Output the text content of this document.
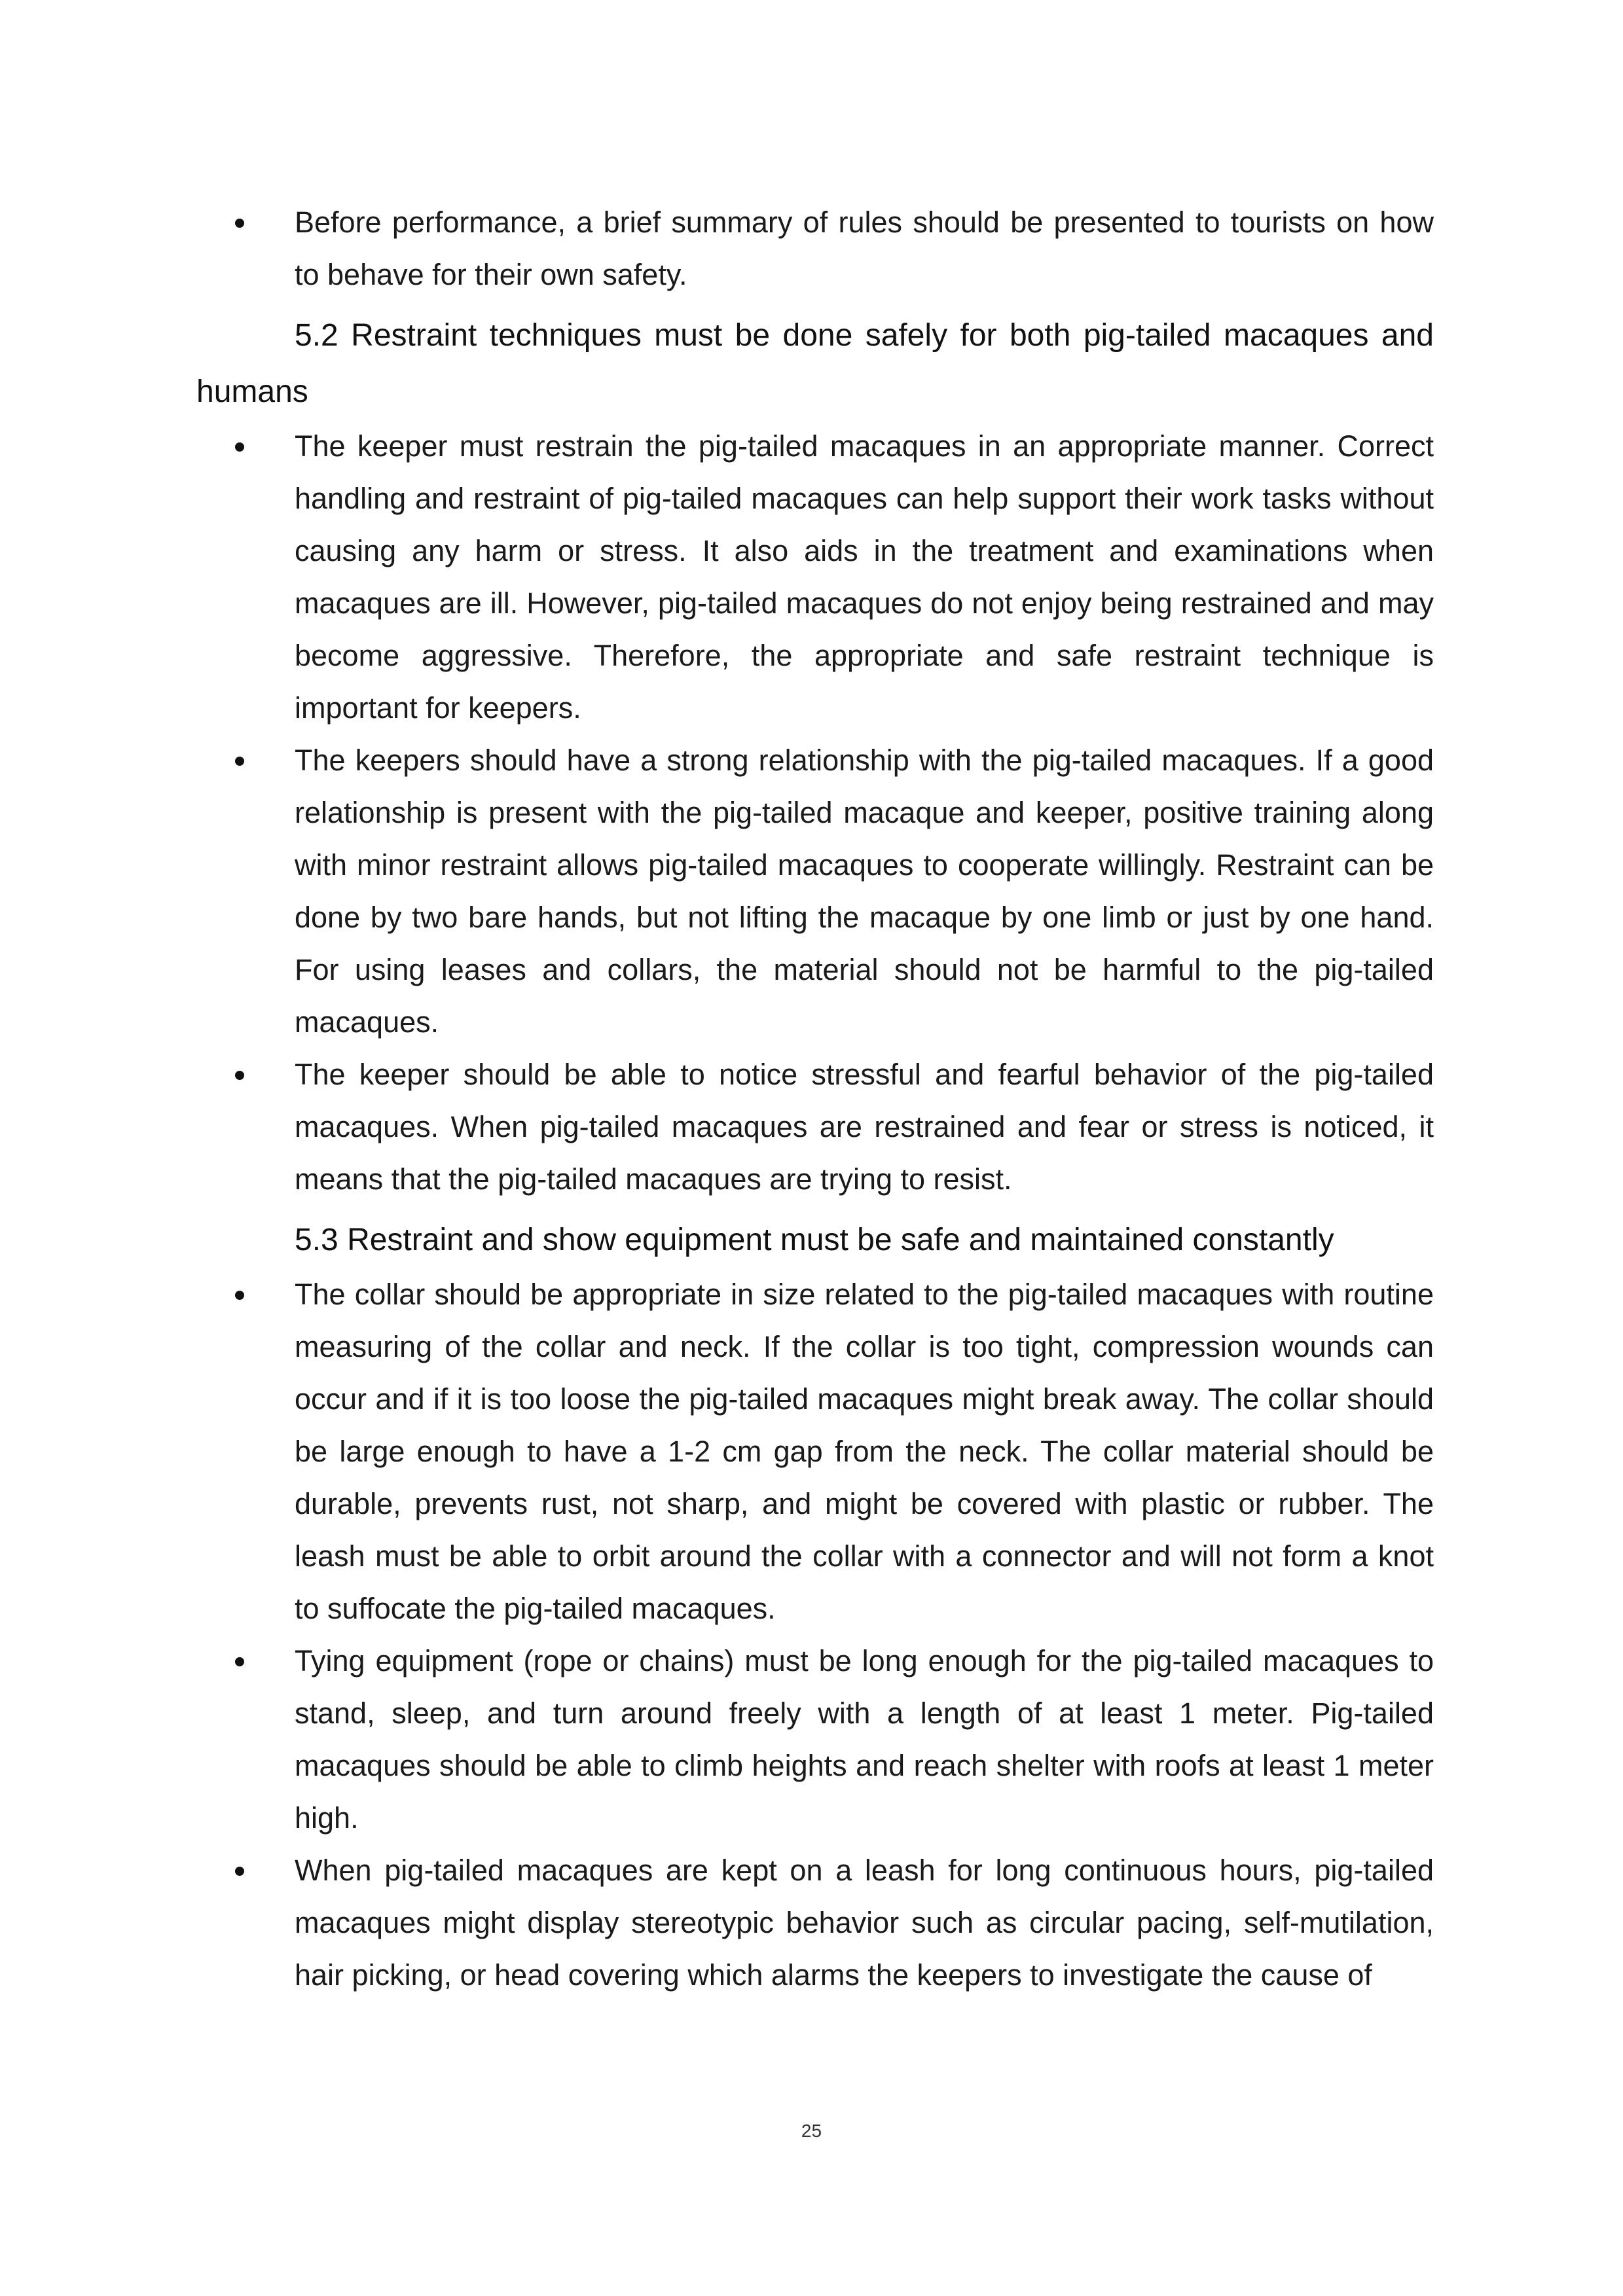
Before performance, a brief summary of rules should be presented to tourists on how to behave for their own safety.
5.2 Restraint techniques must be done safely for both pig-tailed macaques and humans
The keeper must restrain the pig-tailed macaques in an appropriate manner. Correct handling and restraint of pig-tailed macaques can help support their work tasks without causing any harm or stress. It also aids in the treatment and examinations when macaques are ill. However, pig-tailed macaques do not enjoy being restrained and may become aggressive. Therefore, the appropriate and safe restraint technique is important for keepers.
The keepers should have a strong relationship with the pig-tailed macaques. If a good relationship is present with the pig-tailed macaque and keeper, positive training along with minor restraint allows pig-tailed macaques to cooperate willingly. Restraint can be done by two bare hands, but not lifting the macaque by one limb or just by one hand. For using leases and collars, the material should not be harmful to the pig-tailed macaques.
The keeper should be able to notice stressful and fearful behavior of the pig-tailed macaques. When pig-tailed macaques are restrained and fear or stress is noticed, it means that the pig-tailed macaques are trying to resist.
5.3 Restraint and show equipment must be safe and maintained constantly
The collar should be appropriate in size related to the pig-tailed macaques with routine measuring of the collar and neck. If the collar is too tight, compression wounds can occur and if it is too loose the pig-tailed macaques might break away. The collar should be large enough to have a 1-2 cm gap from the neck. The collar material should be durable, prevents rust, not sharp, and might be covered with plastic or rubber. The leash must be able to orbit around the collar with a connector and will not form a knot to suffocate the pig-tailed macaques.
Tying equipment (rope or chains) must be long enough for the pig-tailed macaques to stand, sleep, and turn around freely with a length of at least 1 meter. Pig-tailed macaques should be able to climb heights and reach shelter with roofs at least 1 meter high.
When pig-tailed macaques are kept on a leash for long continuous hours, pig-tailed macaques might display stereotypic behavior such as circular pacing, self-mutilation, hair picking, or head covering which alarms the keepers to investigate the cause of
25
